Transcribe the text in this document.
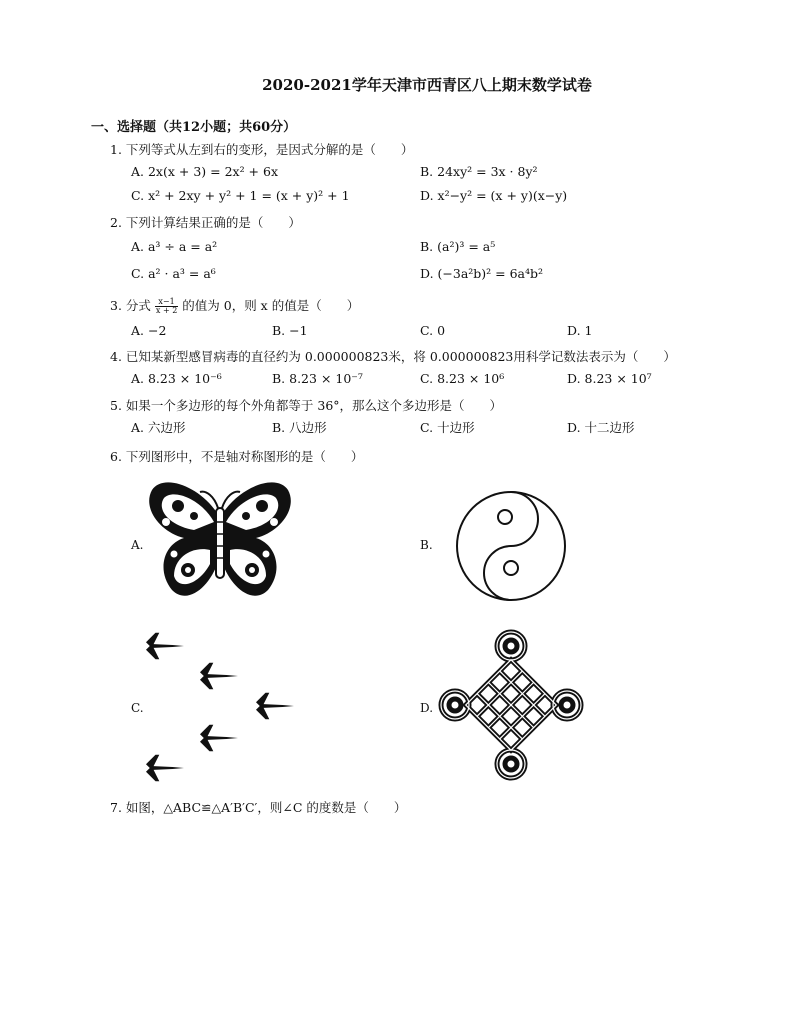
2020-2021学年天津市西青区八上期末数学试卷
一、选择题（共12小题；共60分）
1. 下列等式从左到右的变形，是因式分解的是（　　）
A. 2x(x + 3) = 2x² + 6x	B. 24xy² = 3x · 8y²
C. x² + 2xy + y² + 1 = (x + y)² + 1	D. x²−y² = (x + y)(x−y)
2. 下列计算结果正确的是（　　）
A. a³ ÷ a = a²	B. (a²)³ = a⁵
C. a² · a³ = a⁶	D. (−3a²b)² = 6a⁴b²
3. 分式 $\frac{x-1}{x + 2}$ 的值为 0，则 x 的值是（　　）
A. −2	B. −1	C. 0	D. 1
4. 已知某新型感冒病毒的直径约为 0.000000823米，将 0.000000823用科学记数法表示为（　　）
A. 8.23 × 10⁻⁶	B. 8.23 × 10⁻⁷	C. 8.23 × 10⁶	D. 8.23 × 10⁷
5. 如果一个多边形的每个外角都等于 36°，那么这个多边形是（　　）
A. 六边形	B. 八边形	C. 十边形	D. 十二边形
6. 下列图形中，不是轴对称图形的是（　　）
A.	B.
C.	D.
7. 如图，△ABC≌△A′B′C′，则∠C 的度数是（　　）
